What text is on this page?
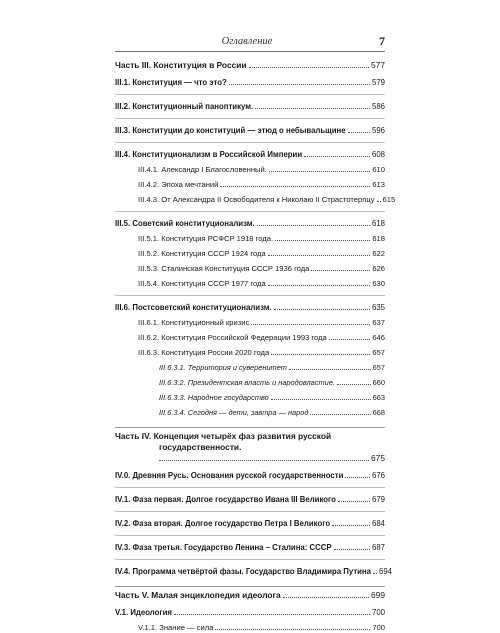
Оглавление	7
Часть III. Конституция в России	577
III.1. Конституция — что это?	579
III.2. Конституционный паноптикум.	586
III.3. Конституции до конституций — этюд о небывальщине	596
III.4. Конституционализм в Российской Империи	608
III.4.1. Александр I Благословенный.	610
III.4.2. Эпоха мечтаний	613
III.4.3. От Александра II Освободителя к Николаю II Страстотерпцу 615
III.5. Советский конституционализм.	618
III.5.1. Конституция РСФСР 1918 года.	618
III.5.2. Конституция СССР 1924 года	622
III.5.3. Сталинская Конституция СССР 1936 года	626
III.5.4. Конституция СССР 1977 года	630
III.6. Постсоветский конституционализм.	635
III.6.1. Конституционный кризис	637
III.6.2. Конституция Российской Федерации 1993 года	646
III.6.3. Конституция России 2020 года	657
III.6.3.1. Территория и суверенитет	657
III.6.3.2. Президентская власть и народовластие.	660
III.6.3.3. Народное государство	663
III.6.3.4. Сегодня — дети, завтра — народ	668
Часть IV. Концепция четырёх фаз развития русской
государственности.
675
IV.0. Древняя Русь. Основания русской государственности	676
IV.1. Фаза первая. Долгое государство Ивана III Великого	679
IV.2. Фаза вторая. Долгое государство Петра I Великого	684
IV.3. Фаза третья. Государство Ленина – Сталина: СССР	687
IV.4. Программа четвёртой фазы. Государство Владимира Путина 694
Часть V. Малая энциклопедия идеолога	699
V.1. Идеология	700
V.1.1. Знание — сила	700
